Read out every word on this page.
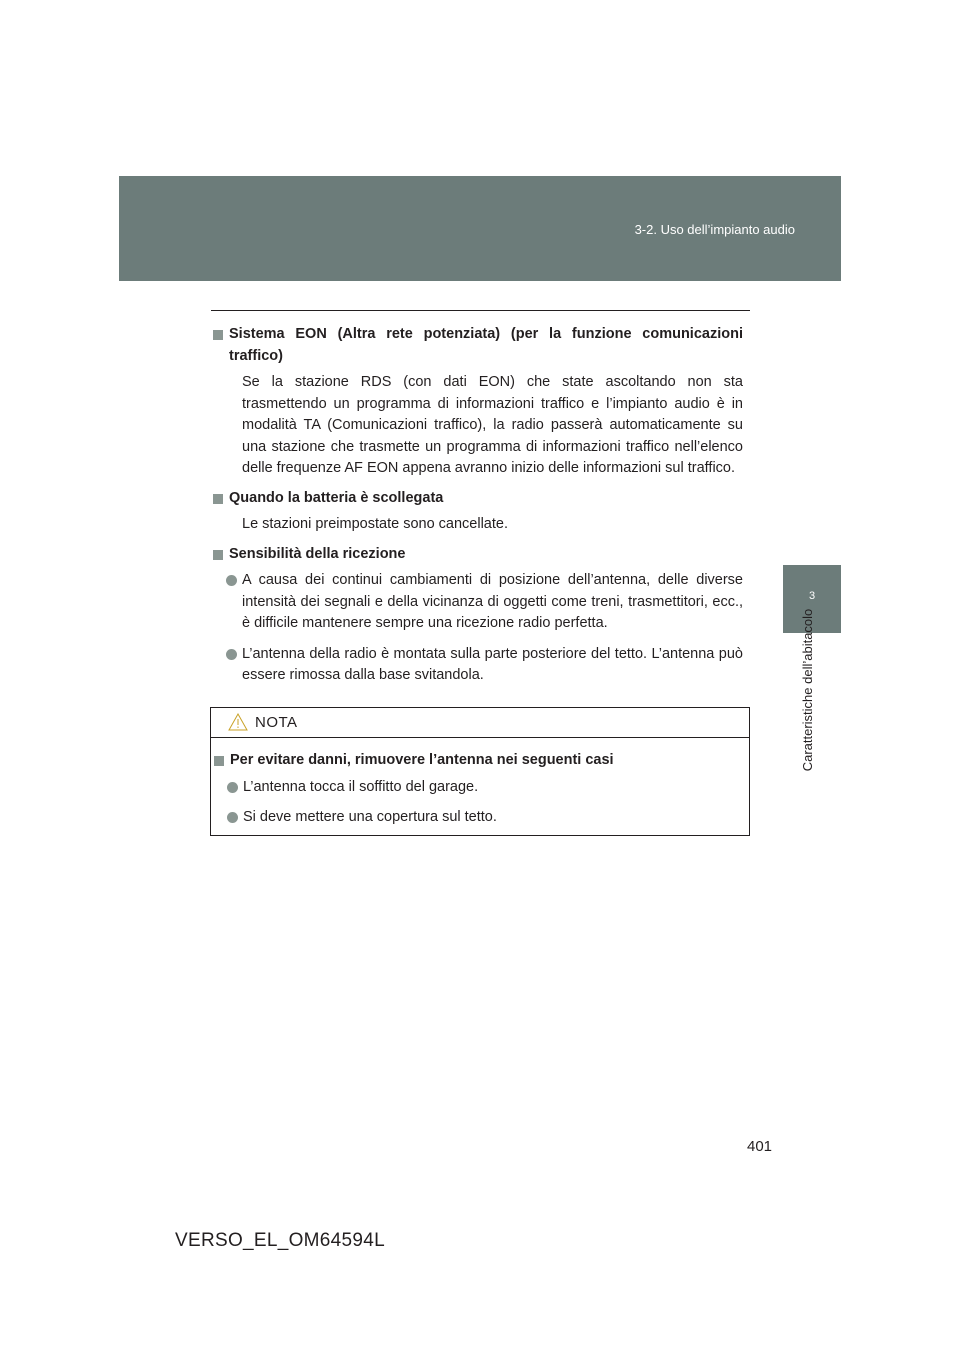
3-2. Uso dell’impianto audio
3
Caratteristiche dell’abitacolo
Sistema EON (Altra rete potenziata) (per la funzione comunicazioni traffico)
Se la stazione RDS (con dati EON) che state ascoltando non sta trasmettendo un programma di informazioni traffico e l’impianto audio è in modalità TA (Comunicazioni traffico), la radio passerà automaticamente su una stazione che trasmette un programma di informazioni traffico nell’elenco delle frequenze AF EON appena avranno inizio delle informazioni sul traffico.
Quando la batteria è scollegata
Le stazioni preimpostate sono cancellate.
Sensibilità della ricezione
A causa dei continui cambiamenti di posizione dell’antenna, delle diverse intensità dei segnali e della vicinanza di oggetti come treni, trasmettitori, ecc., è difficile mantenere sempre una ricezione radio perfetta.
L’antenna della radio è montata sulla parte posteriore del tetto. L’antenna può essere rimossa dalla base svitandola.
NOTA
Per evitare danni, rimuovere l’antenna nei seguenti casi
L’antenna tocca il soffitto del garage.
Si deve mettere una copertura sul tetto.
401
VERSO_EL_OM64594L
